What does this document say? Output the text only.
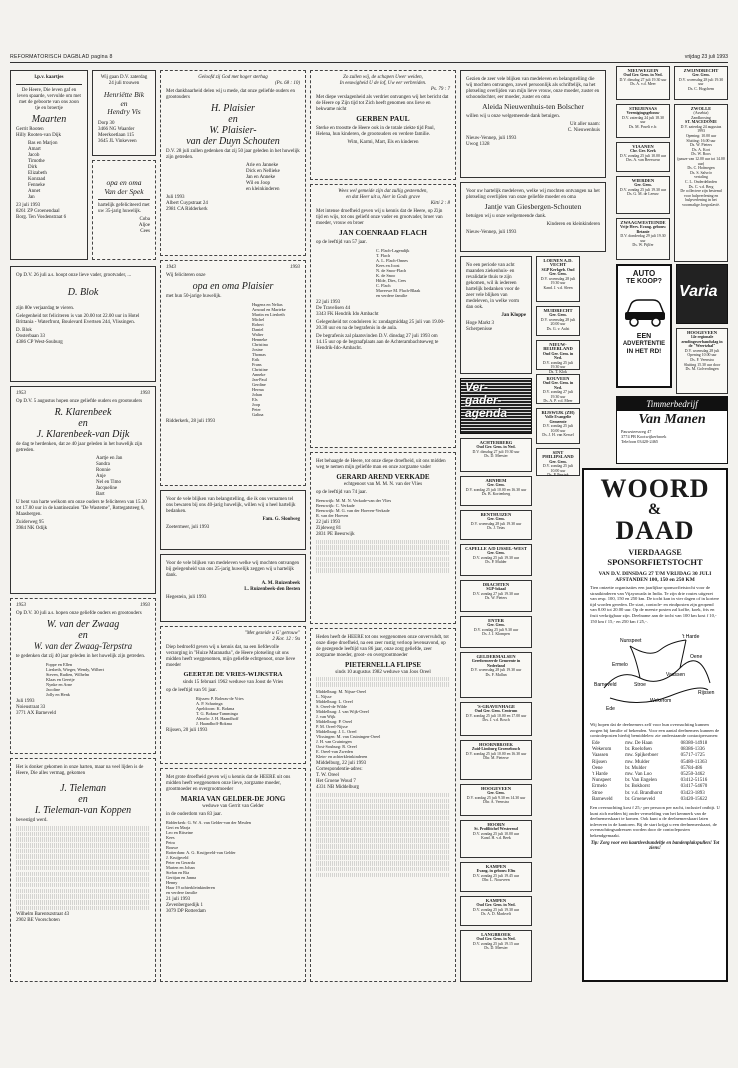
REFORMATORISCH DAGBLAD pagina 8	vrijdag 23 juli 1993
l.p.v. kaartjes
De Heere, Die leven gaf en leven spaarde, vervulde om met met de geboorte van ons zoon tje en broertje
Maarten
Gerrit Rooten
Hilly Rooten-van Dijk
Bas en Marjon
Amart
Jacob
Timothe
Dirk
Elizabeth
Konraad
Fenneke
Annet
Jan
23 juli 1993
8261 ZP Groenendaal
Borg. Ten Vosdenstraat 6
Wij gaan D.V. zaterdag 24 juli trouwen
Henriëtte Bik
en
Hendry Vis
Dorp 30
3466 NG Waarder
Meerkoetlaan 115
3645 JL Vinkeveen
opa en oma
Van der Spek
hartelijk gefeliciteerd met uw 35-jarig huwelijk.
Coba
Aljoe
Cees
Op D.V. 26 juli a.s. hoopt onze lieve vader, grootvader, ...
D. Blok
zijn 80e verjaardag te vieren.
Gelegenheid tot feliciteren is van 20.00 tot 22.00 uur in Hotel Brittania - Waterfront, Boulevard Evertsen 244, Vlissingen.
D. Blok
Oosterbaan 33
4386 CP West-Souburg
1953	1993
Op D.V. 5 augustus hopen onze geliefde ouders en grootouders
R. Klarenbeek
en
J. Klarenbeek-van Dijk
de dag te herdenken, dat ze 40 jaar geleden in het huwelijk zijn getreden.
Aartje en Jan
Sandra
Ronnie
Anje
Nel en Timo
Jacqueline
Bart
U bent van harte welkom om onze ouders te feliciteren van 15.30 tot 17.00 uur in de kantinezalen "De Wasteme", Rottegatsteeg 6, Maasbergen.
Zuiderweg 95
3984 NK Odijk
1953	1993
Op D.V. 30 juli a.s. hopen onze geliefde ouders en grootouders
W. van der Zwaag
en
W. van der Zwaag-Terpstra
te gedenken dat zij 40 jaar geleden in het huwelijk zijn getreden.
Foppe en Ellen
Liesbeth, Wieger, Wendy, Wilbert
Steven, Rudien, Wilhelm
Klaas en Geertje
Nynke en Arne
Jacoline
Jolly en Henk
Juli 1993
Noieustraat 33
3771 AX Barneveld
Het is donker gekomen in onze harten, maar na veel lijden is de Heere, Die alles vermag, gekomen
J. Tieleman
en
I. Tieleman-van Koppen
bevestigd werd.
Wilhelm Barentszstraat 43
2902 BE Voorschoten
Geloofd zij God met hoger sterhag
(Ps. 68 : 10)
Met dankbaarheid delen wij u mede, dat onze geliefde ouders en grootouders
H. Plaisier
en
W. Plaisier-
van der Duyn Schouten
D.V. 28 juli zullen gedenken dat zij 50 jaar geleden in het huwelijk zijn getreden.
Arie en Janneke
Dick en Nellieke
Jan en Anneke
Wil en Joop
en kleinkinderen
Juli 1993
Albert Cuypstraat 24
2981 CA Ridderkerk
1943	1993
Wij feliciteren onze
opa en oma Plaisier
met hun 50-jarige huwelijk.
Hugenz en Nelias
Arnoud en Marieke
Martin en Liesbeth
Michel
Robert
Daniel
Walter
Henneke
Christina
Josine
Thomas
Erik
Frans
Christine
Anneke
Jan-Paul
Gerdine
Herma
Johan
Els
Joop
Peter
Galina
Ridderkerk, 28 juli 1993
Voor de vele blijken van belangstelling, die ik ons vernamen tel ons bewaren bij ons 40-jarig huwelijk, willen wij u heel hartelijk bedanken.
Fam. G. Sloolweg
Zoetermeer, juli 1993
Voor de vele blijken van medeleven welke wij mochten ontvangen bij gelegenheid van ons 25-jarig huwelijk zeggen wij u hartelijk dank.
A. M. Ruizenbeek
L. Ruizenbeek-den Besten
Hegestein, juli 1993
"Met gezeide u G' getrouw"
2 Kor. 12 : 9a
Diep bedroefd geven wij u kennis dat, na een liefdevolle verzorging in "Huize Maranatha", de Heere plotseling uit ons midden heeft weggenomen, mijn geliefde echtgenoot, onze lieve moeder
GEERTJE DE VRIES-WIJKSTRA
sinds 15 februari 1962 weduwe van Joost de Vries
op de leeftijd van 91 jaar.
Rijssen: P. Boleras-de Vries
A. P. Scharinga
Apeldoorn: K. Bokma
T. G. Bokma-Tamminga
Almelo: J. H. Haandhoff
J. Haandhoff-Bokma
Rijssen, 20 juli 1993
Met grote droefheid geven wij u kennis dat de HEERE uit ons midden heeft weggenomen onze lieve, zorgzame moeder, grootmoeder en overgrootmoeder
MARIA VAN GELDER-DE JONG
weduwe van Gerrit van Gelder
in de ouderdom van 83 jaar.
Ridderkerk: G. W. A. van Gelder-van der Meulen
Gert en Marja
Leo en Ritseine
Kees
Petra
Bouwe
Rotterdam: A. G. Kruijpveld-van Gelder
J. Kruijpveld
Peter en Gerarda
Marten en Johan
Stefan en Ria
Geritjan en Janna
Henny
Haar 19 achterkleinkinderen
en verdere familie
21 juli 1993
Zevenbergsedijk 1
3079 DP Rotterdam
Zo zullen wij, de schapen Uwer weiden,
In eeuwigheid U de lof, Uw eer verbreiden.
Ps. 79 : 7
Met diepe verslagenheid als verdriet ontvangen wij het bericht dat de Heere op Zijn tijd tot Zich heeft genomen ons lieve en bekwame nicht
GERBEN PAUL
Sterke en troostte de Heere ook in de totale ziekte tijd Paul, Helena, hun kinderen, de grootouders en verdere familie.
Wim, Karmi, Mart, Els en kinderen
Wees wel gemeide zijn dat zullig gesteenden,
en dat Heer uit u, hier in Gods grave
Kitti 2 : 8
Met intense droefheid geven wij u kennis dat de Heere, op Zijn tijd en wijs, tot ons geliefd onze vader en grootvader, broer van moeder, vrouw en broer
JAN COENRAAD FLACH
op de leeftijd van 57 jaar.
C. Flach-Lagendijk
T. Flach
A. L. Flach-Onnes
Kees en Joost
N. de Snoo-Flach
K. de Snoo
Hilde, Dies, Cees
C. Flach
Maverwe M. Flach-Blaak
en verdere familie
22 juli 1993
De Travelisen 44
3343 FK Hendrik Ido Ambacht
Gelegenheid tot condoleren is: zondagmiddag 25 juli van 19.00-20.30 uur en na de begrafenis in de aula.
De begrafenis zal plaatsvinden D.V. dinsdag 27 juli 1993 om 14.15 uur op de begraafplaats aan de Achterambachtseweg te Hendrik-Ido-Ambacht.
Het behaagde de Heere, tot onze diepe droefheid, uit ons midden weg te nemen mijn geliefde man en onze zorgzame vader
GERARD AREND VERKADE
echtgenoot van M. M. N. van der Vlies
op de leeftijd van 74 jaar.
Beesrwijk: M. M. N. Verkade-van der Vlies
Beesrwijk: C. Verkade
Beesrwijk: M. G. van der Hoeven-Verkade
R. van der Hoeven
22 juli 1993
Zijdeweg 81
2831 PE Beesrwijk
Heden heeft de HEERE tot ons weggenomen onze onvervuhdt, tot onze diepe droefheid, na een zeer rustig verloop levensavond, op de gezegende leeftijd van 86 jaar, onze zorg geliefde, zeer zorgzame moeder, groot- en overgrootmoeder
PIETERNELLA FLIPSE
sinds 10 augustus 1982 weduwe van Joos Oreel
Middelburg: M. Nijsse-Oreel
L. Nijsse
Middelburg: L. Oreel
S. Oreel-de Wilde
Middelburg: J. van Wijk-Oreel
J. van Wijk
Middelburg: P. Oreel
P. M. Oreel-Nijsse
Middelburg: J. L. Oreel
Vlissingen: M. van Cruiningen-Oreel
J. H. van Cruiningen
Oost-Souburg: R. Oreel
E. Oreel-van Zweden
Klein- en achterkleinkinderen
Middelburg, 22 juli 1993
Correspondentie-adres:
T. W. Oreel
Het Groene Woud 7
4331 NB Middelburg
Gezien de zeer vele blijken van medeleven en belangstelling die wij mochten ontvangen, zowel persoonlijk als schriftelijk, na het plotseling overlijden van mijn lieve vrouw, onze moeder, zuster en schoondochter, eer moeder, zuster en oma
Aleida Nieuwenhuis-ten Bolscher
willen wij u onze welgemeende dank betuigen.
Uit aller naam:
C. Nieuwenhuis
Nieuw-Vennep, juli 1993
Uwog 1328
Voor uw hartelijk medeleven, welke wij mochten ontvangen na het plotseling overlijden van onze geliefde moeder en oma
Jantje van Giesbergen-Schouten
betuigen wij u onze welgemeende dank.
Kinderen en kleinkinderen
Nieuw-Vennep, juli 1993
No een periode van acht maanden ziekenhuis- en revalidatie thuis te zijn gekomen, wil ik iedereen hartelijk bedanken voor de zeer vele blijken van medeleven, in welke vorm dan ook.
Jan Kloppe
Hoge Markt 3
Scherpenisse
Ver-
gader-
agenda
NIEUWEGEIN
Oud Ger. Gem. in Ned.
D.V. dinsdag 27 juli 19.30 uur
Ds. A. v.d. Meer
STRIJENSAS
Verenigingsgebouw
D.V. zaterdag 24 juli 18.30 uur
Ds. M. Poseli e.fr.
VIAANEN
Chr. Ger. Kerk
D.V. zondag 25 juli 10.00 uur
Drs. A. van Beeswear
WIERDEN
Ger. Gem.
D.V. zondag 25 juli 19.30 uur
Ds. G. M. de Leeuw
ZWAAGWESTEINDE
Vrije Herv. Evang. gebouw Betanie
D.V. donderdag 29 juli 19.30 uur
Ds. W. Pijlfer
LOENEN A.D. VECHT
SGP Kerkgeb. Oud Ger. Gem.
D.V. woensdag 28 juli 19.30 uur
Kand. J. v.d. Sleen
MUIDRECHT
Ger. Gem.
D.V. woensdag 28 juli 20.00 uur
Ds. G. v. Aalst
NIEUW-BEIJERLAND
Oud Ger. Gem. in Ned.
D.V. zondag 25 juli 19.30 uur
Ds. T. Klok
ROUVEEN
Oud Ger. Gem. in Ned.
D.V. zondag 27 juli 19.30 uur
Ds. A. P. v.d. Meer
RIJSWIJK (ZH)
Volle Evangelie Gemeente
D.V. zondag 25 juli 10.00 uur
Ds. J. H. van Kessel
SINT PHILIPSLAND
Ger. Gem.
D.V. zondag 25 juli 10.00 uur
Ds. P. Perrink
ACHTERBERG
Oud Ger. Gem. in Ned.
D.V. dinsdag 27 juli 19.30 uur
Ds. D. Meester
ARNHEM
Ger. Gem.
D.V. zondag 25 juli 10.00 en 16.30 uur
Ds. B. Kortenberg
BENTHUIZEN
Ger. Gem.
D.V. woensdag 28 juli 19.30 uur
Ds. J. Tetas
CAPELLE A/D IJSSEL-WEST
Ger. Gem.
D.V. zondag 25 juli 19.30 uur
Ds. P. Mulder
DRACHTEN
SGP-lokaal
D.V. zondag 27 juli 19.30 uur
Ds. W. Pieters
ENTER
Ger. Gem.
D.V. zondag 25 juli 9.30 uur
Ds. J. J. Klompen
GELDERMALSEN
Gereformeerde Gemeente in Nederland
D.V. woensdag 28 juli 19.30 uur
Ds. F. Mallan
'S-GRAVENHAGE
Oud Ger. Gem. Centrum
D.V. zondag 25 juli 10.00 en 17.00 uur
Drs. J. v.d. Bosch
HOORNBROEK
Zuid-Limburg Groenebosch
D.V. zondag 25 juli 10.00 en 16.30 uur
Dhr. M. Pieterse
HOOGEVEEN
Ger. Gem.
D.V. zondag 25 juli 9.30 en 14.30 uur
Dhr. A. Veenstra
HOORN
St. Profilitchel Westerend
D.V. zondag 25 juli 10.00 uur
Kand. H. v.d. Beek
KAMPEN
Evang. in gebouw Eltu
D.V. zondag 25 juli 19.45 uur
Dhr. L. Nourveen
KAMPEN
Oud Ger. Gem. in Ned.
D.V. zondag 25 juli 19.30 uur
Ds. A. D. Markvelt
LANGBROEK
Oud Ger. Gem. in Ned.
D.V. zondag 25 juli 19.15 uur
Ds. D. Meester
ZWIJNDRECHT
Ger. Gem.
D.V. woensdag 28 juli 19.30 uur
Ds. C. Hogchem
ZWOLLE
(Assebia)
Zandkrosing
ST. MACEDONIE
D.V. zaterdag 24 augustus 1993
Opening: 10.00 uur
Sluiting: 16.00 uur
Ds. W. Pieters
Ds. A. Kort
Ds. W. Roos
(pauze van 12.00 uur tot 14.00 uur)
Ds. C. Hofmegen
Ds. S. Salvrör
vertaling
C. L. Onderdelinden
Ds. C. v.d. Berg
De collectere zijn bestemd voor hulpverlening en hulpverlening in het voormalige Joegoslavië.
AUTO
TE KOOP?
EEN
ADVERTENTIE
IN HET RD!
Varia
HOOGEVEEN
14e regionale zendingsverbandsdag in de "Weertzhal"
D.V. woensdag 28 juli
Opening 10.00 uur
Ds. F. Veenstra
Sluiting 15.30 uur door
Ds. M. Golverdingen
Timmerbedrijf
Van Manen
Pauwsteesweg 47
3774 PB Kootwijkerbroek
Telefoon 03420-2465
WOORD
&
DAAD
VIERDAAGSE
SPONSORFIETSTOCHT
VAN D.V. DINSDAG 27 T/M VRIJDAG 30 JULI
AFSTANDEN 100, 150 en 250 KM
Tien ontzette organisaties een jaarlijkse sponsorfietstocht voor de straatkinderen van Vijayawada in India. Te zijn drie routes uitgezet van resp. 100, 150 en 250 km. De tocht kan in vier dagen of in kortere tijd worden gereden. De start, controle- en eindposten zijn geopend van 8.00 tot 20.00 uur. Op de meeste posten zal koffie, koek, fris en fruit verkrijgbaar zijn. Deelname aan de tocht van 100 km kost f 10,- 150 km f 15,- en 250 km f 25,-.
Nunspeet
't Harde
Ermelo
Oene
Barneveld	Stroe
Wekerom
Ede
Vaassen
Rijssen
Wij hopen dat de deelnemers zelf voor hun overnachting kunnen zorgen bij familie of bekenden. Voor een aantal deelnemers kunnen de controleposten hierbij bemiddelen: zie onderstaande contactpersonen:
Ede	mw. De Haan	08380-14918
Wekerom	br. Roelofsen	08386-1336
Vaassen	mw. Spijkerboer	05717-1725
Rijssen	mw. Mulder	05480-11363
Oene	br. Mulder	05784-486
't Harde	mw. Van Loo	05250-3462
Nunspeet	br. Van Engelen	03412-51516
Ermelo	br. Bokhorst	03417-54670
Stroe	br. v.d. Brandhorst	03423-1893
Barneveld	br. Groeneveld	03420-15622
Een overnachting kost f 25,- per persoon per nacht, inclusief ontbijt. U kunt zich melden bij onder vermelding van het kenmerk van de deelnemerskaart te komen. Ook kunt u de deelnemerskaart laten inleveren in de kantoren. Bij de start krijgt u een deelnemerskaart, de overnachtingsadressen worden door de controleposten bekendgemaakt.
Tip: Zorg voor een kaartleesbundeltje en bandenplakspullen! Tot ziens!
